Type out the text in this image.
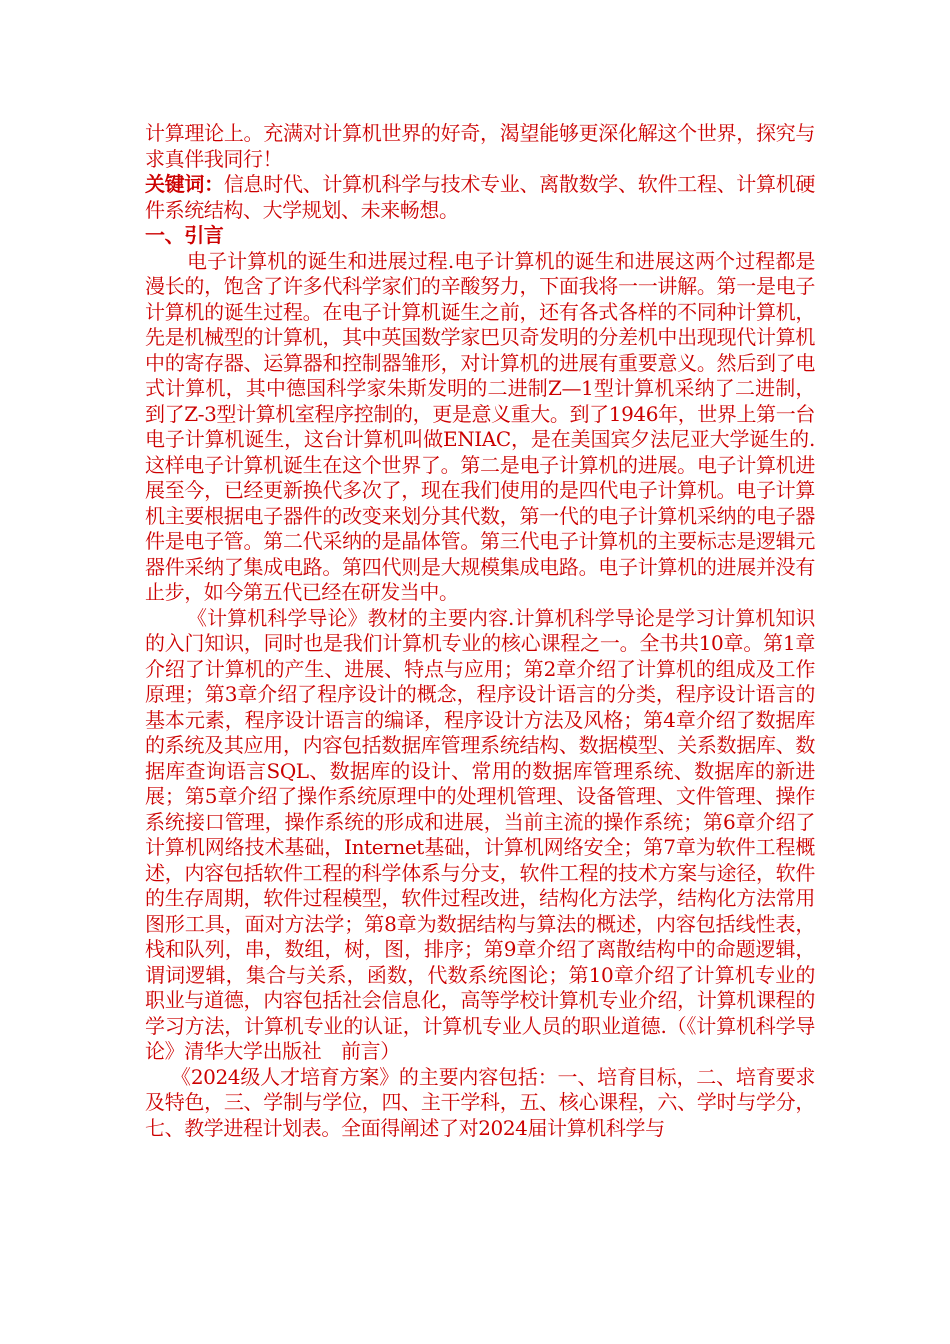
计算理论上。充满对计算机世界的好奇，渴望能够更深化解这个世界，探究与求真伴我同行！

关键词：信息时代、计算机科学与技术专业、离散数学、软件工程、计算机硬件系统结构、大学规划、未来畅想。

一、引言

电子计算机的诞生和进展过程.电子计算机的诞生和进展这两个过程都是漫长的，饱含了许多代科学家们的辛酸努力，下面我将一一讲解。第一是电子计算机的诞生过程。在电子计算机诞生之前，还有各式各样的不同种计算机，先是机械型的计算机，其中英国数学家巴贝奇发明的分差机中出现现代计算机中的寄存器、运算器和控制器雏形，对计算机的进展有重要意义。然后到了电式计算机，其中德国科学家朱斯发明的二进制Z—1型计算机采纳了二进制，到了Z-3型计算机室程序控制的，更是意义重大。到了1946年，世界上第一台电子计算机诞生，这台计算机叫做ENIAC，是在美国宾夕法尼亚大学诞生的.这样电子计算机诞生在这个世界了。第二是电子计算机的进展。电子计算机进展至今，已经更新换代多次了，现在我们使用的是四代电子计算机。电子计算机主要根据电子器件的改变来划分其代数，第一代的电子计算机采纳的电子器件是电子管。第二代采纳的是晶体管。第三代电子计算机的主要标志是逻辑元器件采纳了集成电路。第四代则是大规模集成电路。电子计算机的进展并没有止步，如今第五代已经在研发当中。

《计算机科学导论》教材的主要内容.计算机科学导论是学习计算机知识的入门知识，同时也是我们计算机专业的核心课程之一。全书共10章。第1章介绍了计算机的产生、进展、特点与应用；第2章介绍了计算机的组成及工作原理；第3章介绍了程序设计的概念，程序设计语言的分类，程序设计语言的基本元素，程序设计语言的编译，程序设计方法及风格；第4章介绍了数据库的系统及其应用，内容包括数据库管理系统结构、数据模型、关系数据库、数据库查询语言SQL、数据库的设计、常用的数据库管理系统、数据库的新进展；第5章介绍了操作系统原理中的处理机管理、设备管理、文件管理、操作系统接口管理，操作系统的形成和进展，当前主流的操作系统；第6章介绍了计算机网络技术基础，Internet基础，计算机网络安全；第7章为软件工程概述，内容包括软件工程的科学体系与分支，软件工程的技术方案与途径，软件的生存周期，软件过程模型，软件过程改进，结构化方法学，结构化方法常用图形工具，面对方法学；第8章为数据结构与算法的概述，内容包括线性表，栈和队列，串，数组，树，图，排序；第9章介绍了离散结构中的命题逻辑，谓词逻辑，集合与关系，函数，代数系统图论；第10章介绍了计算机专业的职业与道德，内容包括社会信息化，高等学校计算机专业介绍，计算机课程的学习方法，计算机专业的认证，计算机专业人员的职业道德.（《计算机科学导论》清华大学出版社　前言）

《2024级人才培育方案》的主要内容包括：一、培育目标，二、培育要求及特色，三、学制与学位，四、主干学科，五、核心课程，六、学时与学分，七、教学进程计划表。全面得阐述了对2024届计算机科学与
